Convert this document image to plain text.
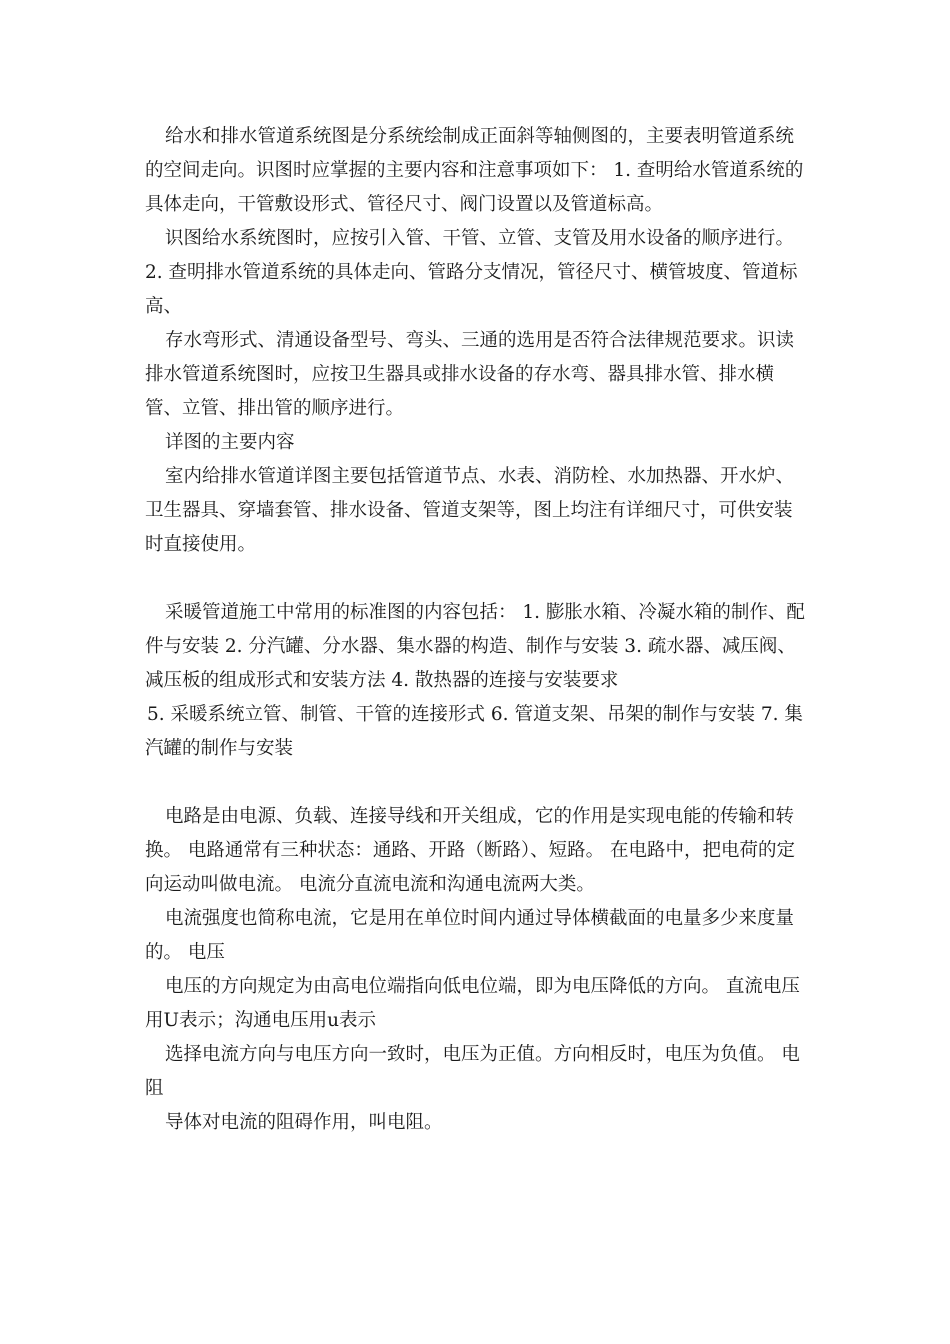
给水和排水管道系统图是分系统绘制成正面斜等轴侧图的，主要表明管道系统的空间走向。识图时应掌握的主要内容和注意事项如下： 1. 查明给水管道系统的具体走向，干管敷设形式、管径尺寸、阀门设置以及管道标高。

识图给水系统图时，应按引入管、干管、立管、支管及用水设备的顺序进行。 2. 查明排水管道系统的具体走向、管路分支情况，管径尺寸、横管坡度、管道标高、

存水弯形式、清通设备型号、弯头、三通的选用是否符合法律规范要求。识读排水管道系统图时，应按卫生器具或排水设备的存水弯、器具排水管、排水横管、立管、排出管的顺序进行。

详图的主要内容

室内给排水管道详图主要包括管道节点、水表、消防栓、水加热器、开水炉、卫生器具、穿墙套管、排水设备、管道支架等，图上均注有详细尺寸，可供安装时直接使用。

采暖管道施工中常用的标准图的内容包括： 1. 膨胀水箱、冷凝水箱的制作、配件与安装 2. 分汽罐、分水器、集水器的构造、制作与安装 3. 疏水器、减压阀、减压板的组成形式和安装方法 4. 散热器的连接与安装要求

5. 采暖系统立管、制管、干管的连接形式 6. 管道支架、吊架的制作与安装 7. 集汽罐的制作与安装

电路是由电源、负载、连接导线和开关组成，它的作用是实现电能的传输和转换。 电路通常有三种状态：通路、开路（断路）、短路。 在电路中，把电荷的定向运动叫做电流。 电流分直流电流和沟通电流两大类。

电流强度也简称电流，它是用在单位时间内通过导体横截面的电量多少来度量的。 电压

电压的方向规定为由高电位端指向低电位端，即为电压降低的方向。 直流电压用U表示；沟通电压用u表示

选择电流方向与电压方向一致时，电压为正值。方向相反时，电压为负值。 电阻

导体对电流的阻碍作用，叫电阻。
